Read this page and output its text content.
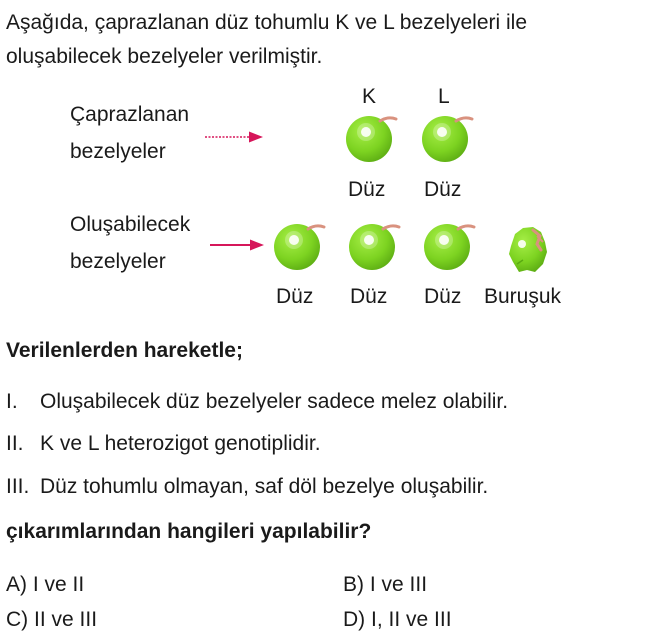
Aşağıda, çaprazlanan düz tohumlu K ve L bezelyeleri ile
oluşabilecek bezelyeler verilmiştir.
Çaprazlanan
bezelyeler
Oluşabilecek
bezelyeler
K	L
Düz Düz
Düz Düz Düz Buruşuk
Verilenlerden hareketle;
I. Oluşabilecek düz bezelyeler sadece melez olabilir.
II. K ve L heterozigot genotiplidir.
III. Düz tohumlu olmayan, saf döl bezelye oluşabilir.
çıkarımlarından hangileri yapılabilir?
A) I ve II	B) I ve III
C) II ve III	D) I, II ve III
